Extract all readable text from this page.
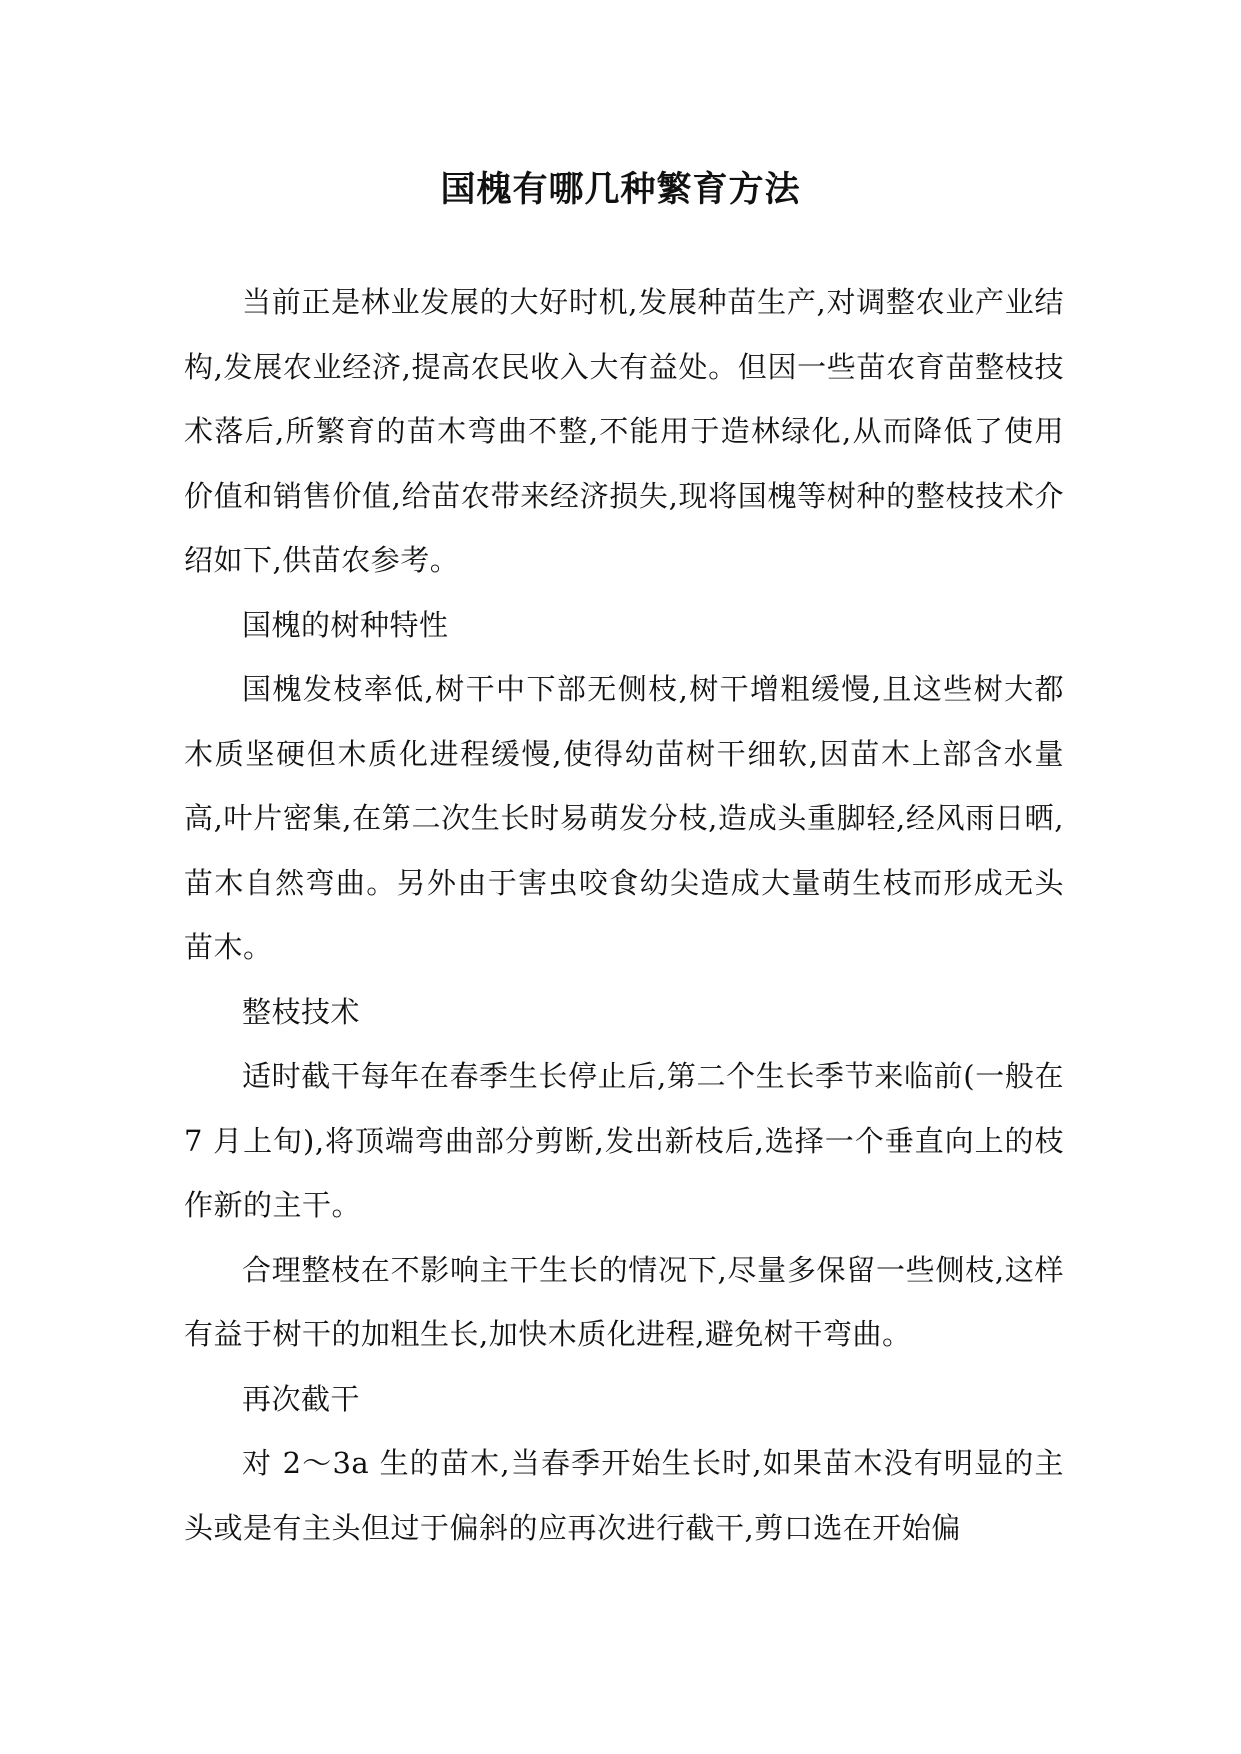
国槐有哪几种繁育方法

当前正是林业发展的大好时机,发展种苗生产,对调整农业产业结构,发展农业经济,提高农民收入大有益处。但因一些苗农育苗整枝技术落后,所繁育的苗木弯曲不整,不能用于造林绿化,从而降低了使用价值和销售价值,给苗农带来经济损失,现将国槐等树种的整枝技术介绍如下,供苗农参考。

国槐的树种特性

国槐发枝率低,树干中下部无侧枝,树干增粗缓慢,且这些树大都木质坚硬但木质化进程缓慢,使得幼苗树干细软,因苗木上部含水量高,叶片密集,在第二次生长时易萌发分枝,造成头重脚轻,经风雨日晒,苗木自然弯曲。另外由于害虫咬食幼尖造成大量萌生枝而形成无头苗木。

整枝技术

适时截干每年在春季生长停止后,第二个生长季节来临前(一般在 7 月上旬),将顶端弯曲部分剪断,发出新枝后,选择一个垂直向上的枝作新的主干。

合理整枝在不影响主干生长的情况下,尽量多保留一些侧枝,这样有益于树干的加粗生长,加快木质化进程,避免树干弯曲。

再次截干

对 2～3a 生的苗木,当春季开始生长时,如果苗木没有明显的主头或是有主头但过于偏斜的应再次进行截干,剪口选在开始偏
